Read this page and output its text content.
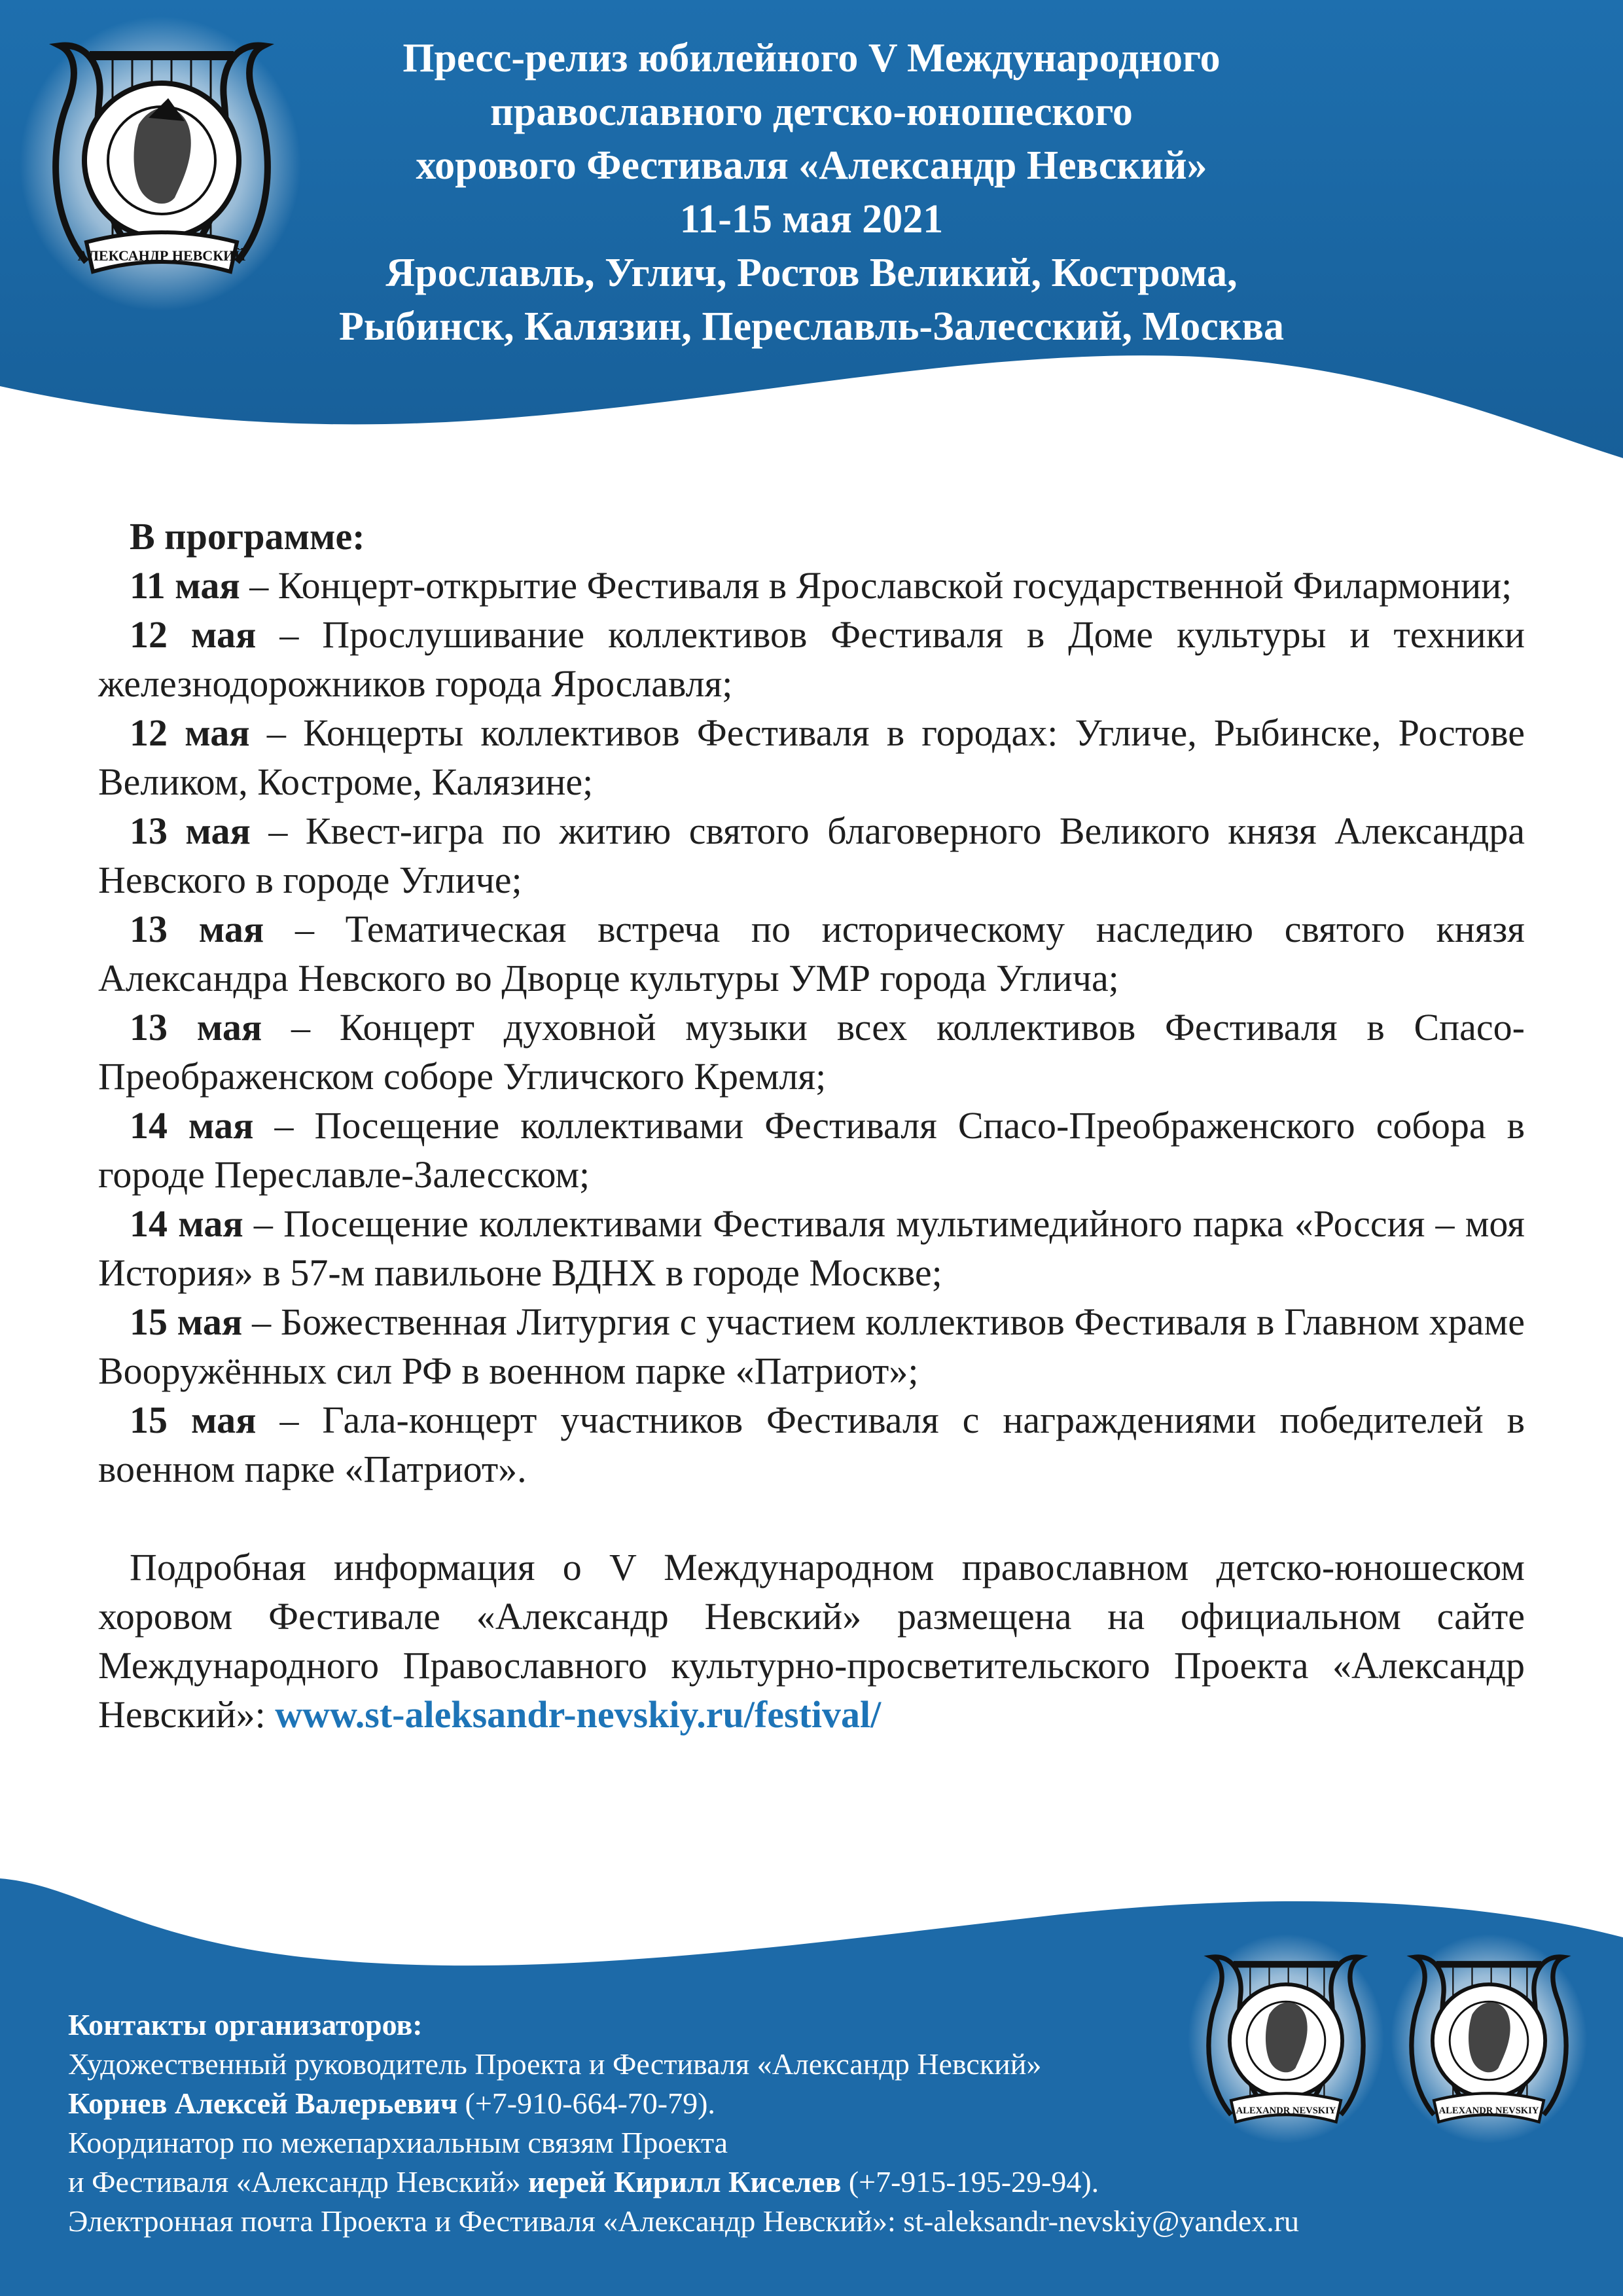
АЛЕКСАНДР НЕВСКИЙ
Пресс-релиз юбилейного V Международного
православного детско-юношеского
хорового Фестиваля «Александр Невский»
11-15 мая 2021
Ярославль, Углич, Ростов Великий, Кострома,
Рыбинск, Калязин, Переславль-Залесский, Москва

В программе:

11 мая – Концерт-открытие Фестиваля в Ярославской государственной Филармонии;

12 мая – Прослушивание коллективов Фестиваля в Доме культуры и техники железнодорожников города Ярославля;

12 мая – Концерты коллективов Фестиваля в городах: Угличе, Рыбинске, Ростове Великом, Костроме, Калязине;

13 мая – Квест-игра по житию святого благоверного Великого князя Александра Невского в городе Угличе;

13 мая – Тематическая встреча по историческому наследию святого князя Александра Невского во Дворце культуры УМР города Углича;

13 мая – Концерт духовной музыки всех коллективов Фестиваля в Спасо-Преображенском соборе Угличского Кремля;

14 мая – Посещение коллективами Фестиваля Спасо-Преображенского собора в городе Переславле-Залесском;

14 мая – Посещение коллективами Фестиваля мультимедийного парка «Россия – моя История» в 57-м павильоне ВДНХ в городе Москве;

15 мая – Божественная Литургия с участием коллективов Фестиваля в Главном храме Вооружённых сил РФ в военном парке «Патриот»;

15 мая – Гала-концерт участников Фестиваля с награждениями победителей в военном парке «Патриот».

Подробная информация о V Международном православном детско-юношеском хоровом Фестивале «Александр Невский» размещена на официальном сайте Международного Православного культурно-просветительского Проекта «Александр Невский»: www.st-aleksandr-nevskiy.ru/festival/

Контакты организаторов:
Художественный руководитель Проекта и Фестиваля «Александр Невский»
Корнев Алексей Валерьевич (+7-910-664-70-79).
Координатор по межепархиальным связям Проекта
и Фестиваля «Александр Невский» иерей Кирилл Киселев (+7-915-195-29-94).
Электронная почта Проекта и Фестиваля «Александр Невский»: st-aleksandr-nevskiy@yandex.ru
ALEXANDR NEVSKIY	ALEXANDR NEVSKIY
